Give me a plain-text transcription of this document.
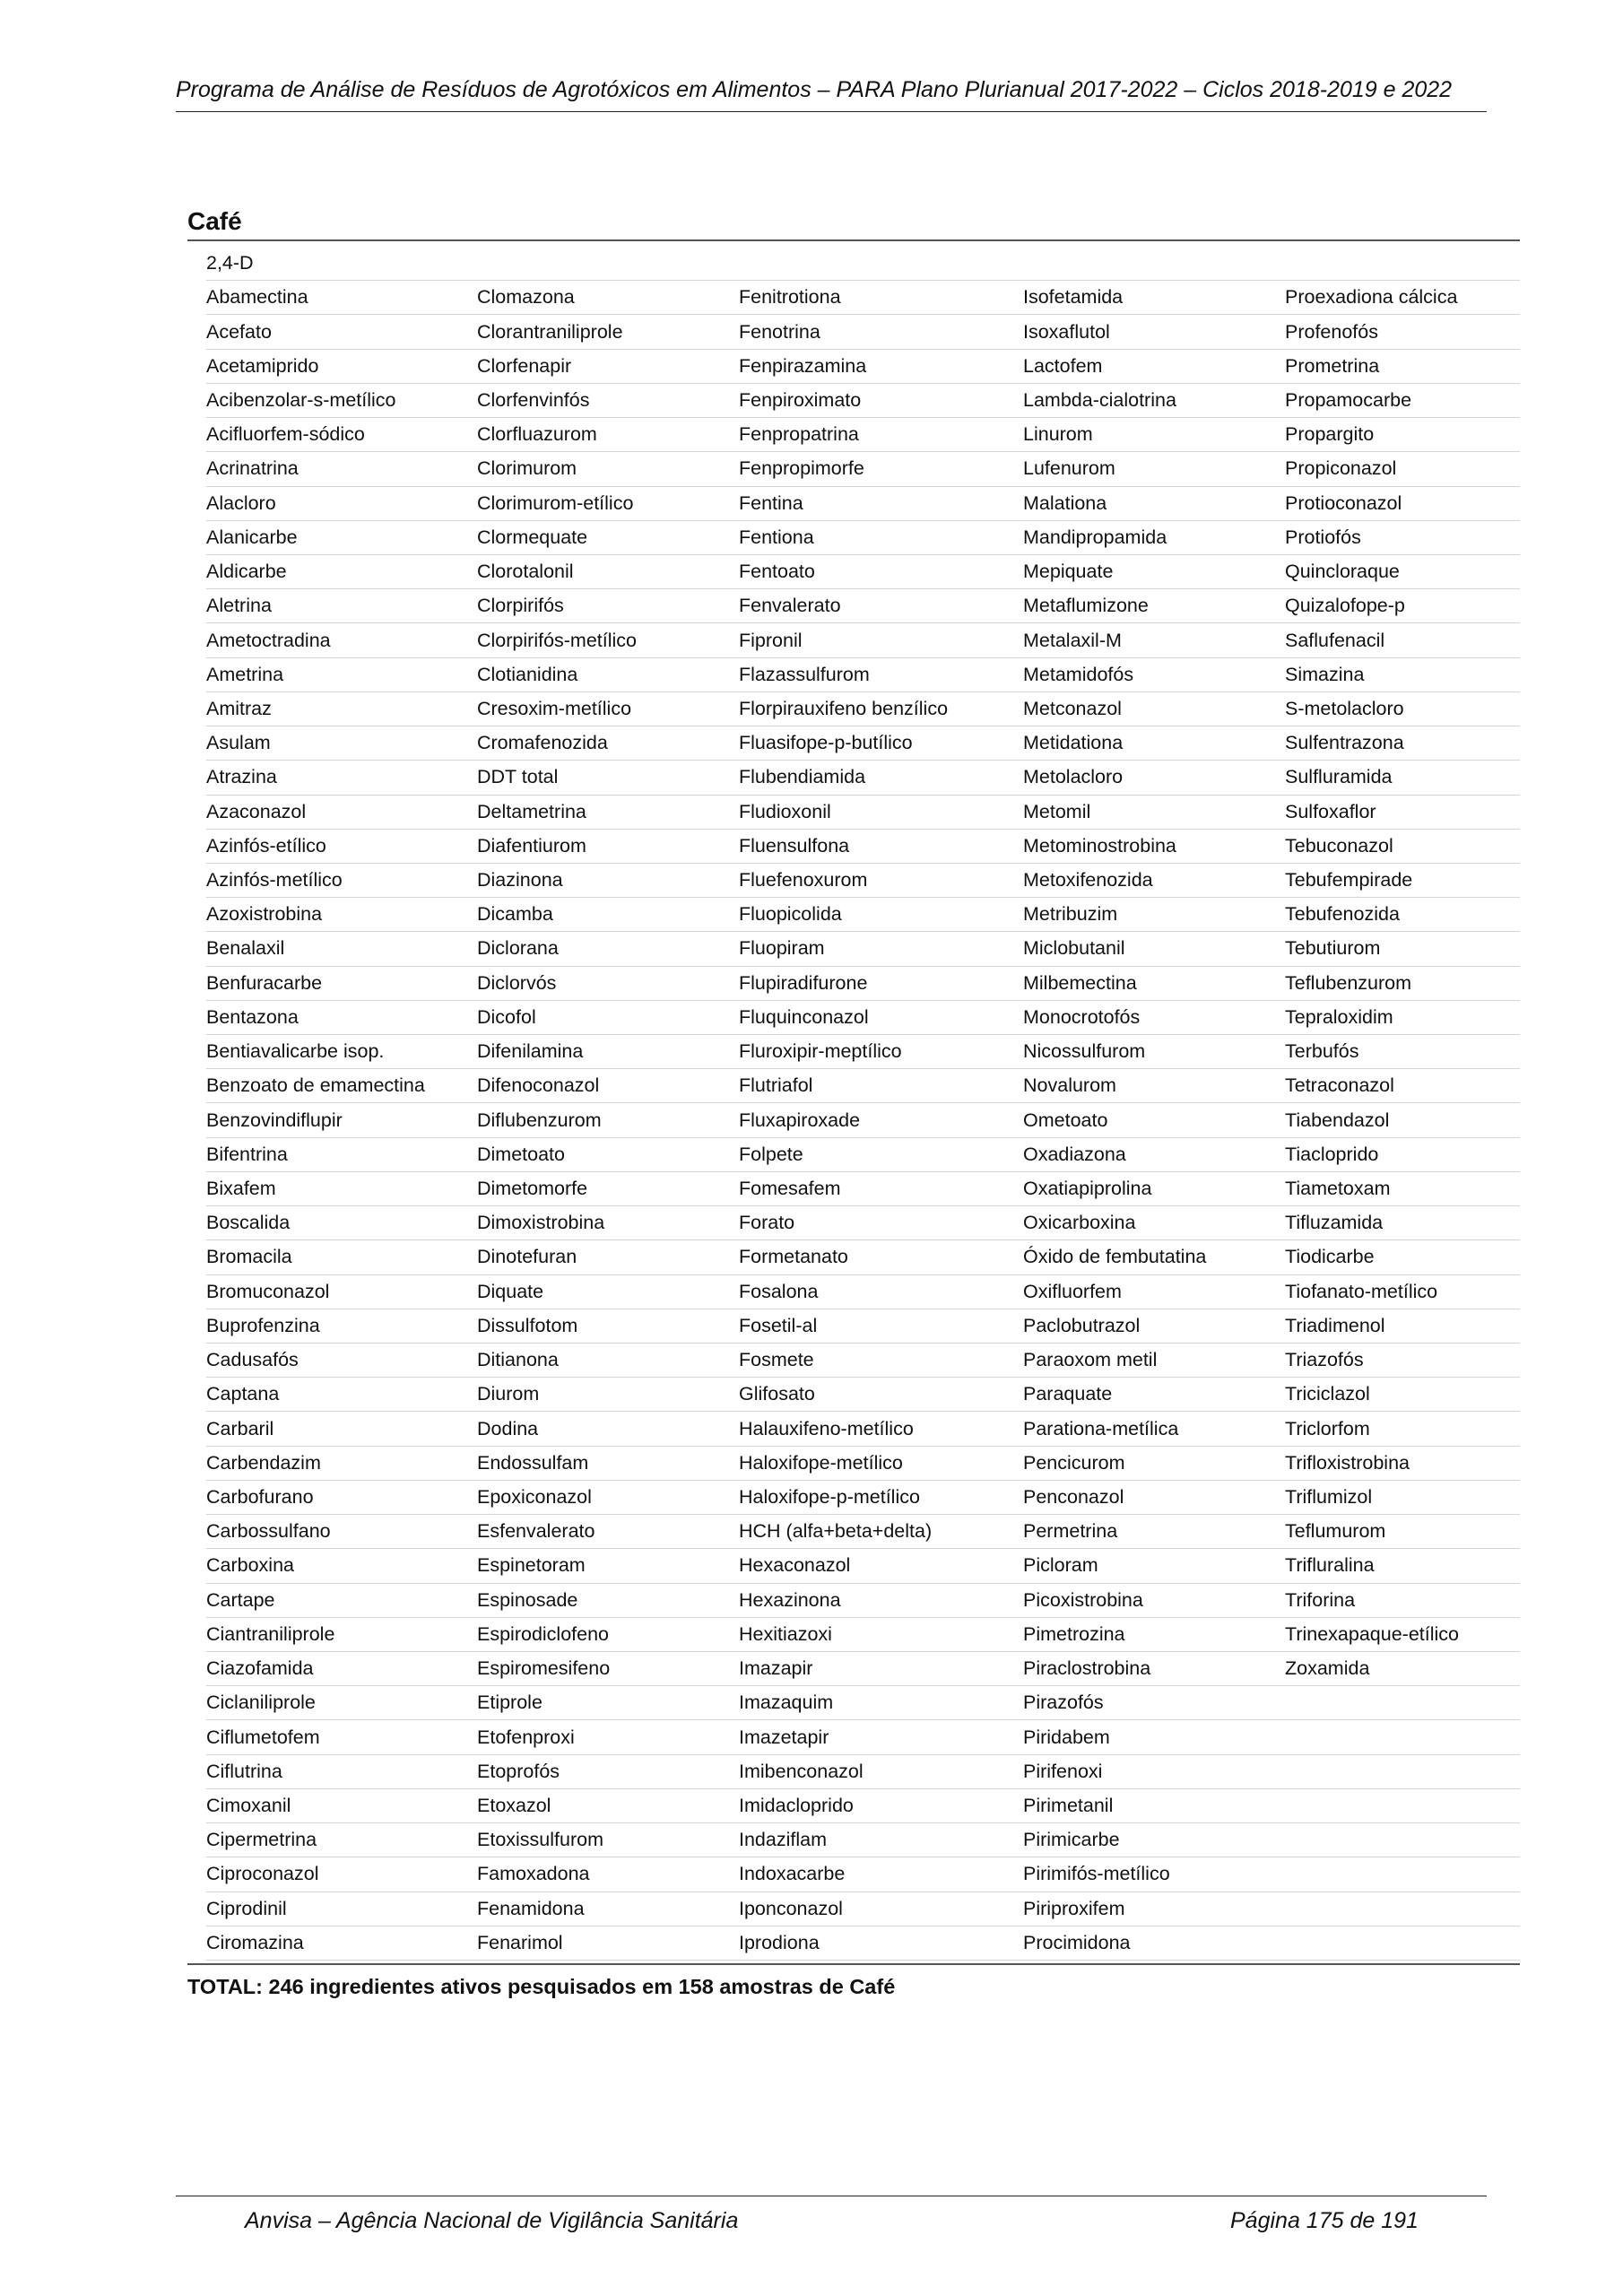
Programa de Análise de Resíduos de Agrotóxicos em Alimentos – PARA Plano Plurianual 2017-2022 – Ciclos 2018-2019 e 2022
Café
2,4-D
Abamectina	Clomazona	Fenitrotiona	Isofetamida	Proexadiona cálcica
Acefato	Clorantraniliprole	Fenotrina	Isoxaflutol	Profenofós
Acetamiprido	Clorfenapir	Fenpirazamina	Lactofem	Prometrina
Acibenzolar-s-metílico	Clorfenvinfós	Fenpiroximato	Lambda-cialotrina	Propamocarbe
Acifluorfem-sódico	Clorfluazurom	Fenpropatrina	Linurom	Propargito
Acrinatrina	Clorimurom	Fenpropimorfe	Lufenurom	Propiconazol
Alacloro	Clorimurom-etílico	Fentina	Malationa	Protioconazol
Alanicarbe	Clormequate	Fentiona	Mandipropamida	Protiofós
Aldicarbe	Clorotalonil	Fentoato	Mepiquate	Quincloraque
Aletrina	Clorpirifós	Fenvalerato	Metaflumizone	Quizalofope-p
Ametoctradina	Clorpirifós-metílico	Fipronil	Metalaxil-M	Saflufenacil
Ametrina	Clotianidina	Flazassulfurom	Metamidofós	Simazina
Amitraz	Cresoxim-metílico	Florpirauxifeno benzílico	Metconazol	S-metolacloro
Asulam	Cromafenozida	Fluasifope-p-butílico	Metidationa	Sulfentrazona
Atrazina	DDT total	Flubendiamida	Metolacloro	Sulfluramida
Azaconazol	Deltametrina	Fludioxonil	Metomil	Sulfoxaflor
Azinfós-etílico	Diafentiurom	Fluensulfona	Metominostrobina	Tebuconazol
Azinfós-metílico	Diazinona	Fluefenoxurom	Metoxifenozida	Tebufempirade
Azoxistrobina	Dicamba	Fluopicolida	Metribuzim	Tebufenozida
Benalaxil	Diclorana	Fluopiram	Miclobutanil	Tebutiurom
Benfuracarbe	Diclorvós	Flupiradifurone	Milbemectina	Teflubenzurom
Bentazona	Dicofol	Fluquinconazol	Monocrotofós	Tepraloxidim
Bentiavalicarbe isop.	Difenilamina	Fluroxipir-meptílico	Nicossulfurom	Terbufós
Benzoato de emamectina	Difenoconazol	Flutriafol	Novalurom	Tetraconazol
Benzovindiflupir	Diflubenzurom	Fluxapiroxade	Ometoato	Tiabendazol
Bifentrina	Dimetoato	Folpete	Oxadiazona	Tiacloprido
Bixafem	Dimetomorfe	Fomesafem	Oxatiapiprolina	Tiametoxam
Boscalida	Dimoxistrobina	Forato	Oxicarboxina	Tifluzamida
Bromacila	Dinotefuran	Formetanato	Óxido de fembutatina	Tiodicarbe
Bromuconazol	Diquate	Fosalona	Oxifluorfem	Tiofanato-metílico
Buprofenzina	Dissulfotom	Fosetil-al	Paclobutrazol	Triadimenol
Cadusafós	Ditianona	Fosmete	Paraoxom metil	Triazofós
Captana	Diurom	Glifosato	Paraquate	Triciclazol
Carbaril	Dodina	Halauxifeno-metílico	Parationa-metílica	Triclorfom
Carbendazim	Endossulfam	Haloxifope-metílico	Pencicurom	Trifloxistrobina
Carbofurano	Epoxiconazol	Haloxifope-p-metílico	Penconazol	Triflumizol
Carbossulfano	Esfenvalerato	HCH (alfa+beta+delta)	Permetrina	Teflumurom
Carboxina	Espinetoram	Hexaconazol	Picloram	Trifluralina
Cartape	Espinosade	Hexazinona	Picoxistrobina	Triforina
Ciantraniliprole	Espirodiclofeno	Hexitiazoxi	Pimetrozina	Trinexapaque-etílico
Ciazofamida	Espiromesifeno	Imazapir	Piraclostrobina	Zoxamida
Ciclaniliprole	Etiprole	Imazaquim	Pirazofós
Ciflumetofem	Etofenproxi	Imazetapir	Piridabem
Ciflutrina	Etoprofós	Imibenconazol	Pirifenoxi
Cimoxanil	Etoxazol	Imidacloprido	Pirimetanil
Cipermetrina	Etoxissulfurom	Indaziflam	Pirimicarbe
Ciproconazol	Famoxadona	Indoxacarbe	Pirimifós-metílico
Ciprodinil	Fenamidona	Iponconazol	Piriproxifem
Ciromazina	Fenarimol	Iprodiona	Procimidona
TOTAL: 246 ingredientes ativos pesquisados em 158 amostras de Café
Anvisa – Agência Nacional de Vigilância Sanitária	Página 175 de 191
